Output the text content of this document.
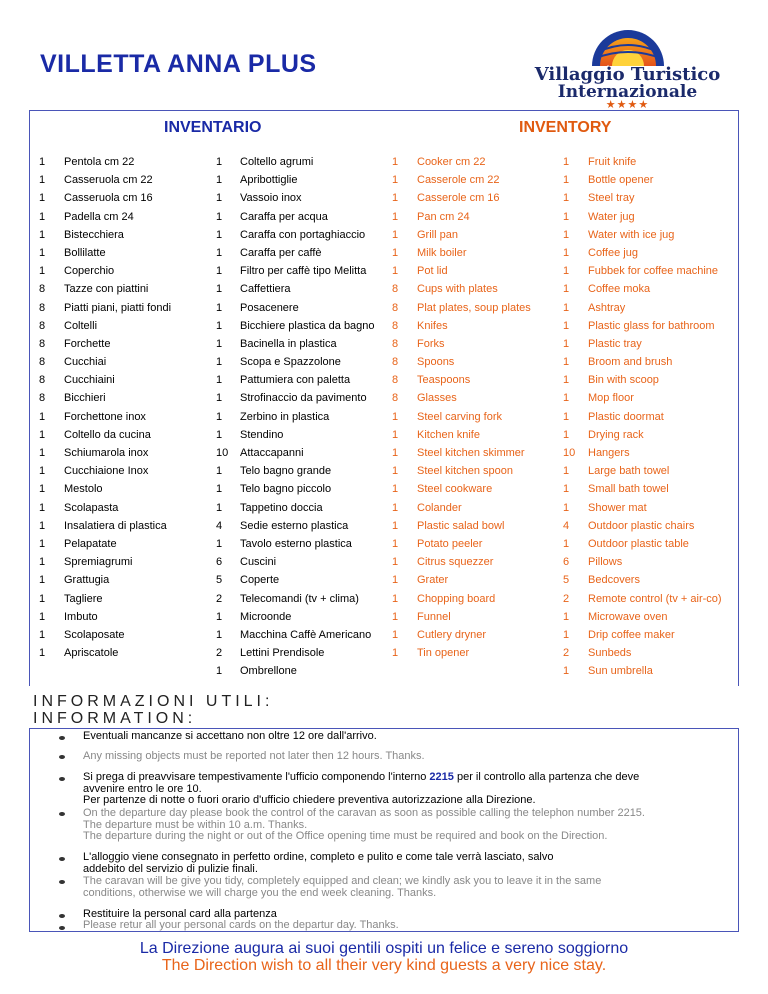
VILLETTA ANNA PLUS	Villaggio Turistico
Internazionale
★★★★
INVENTARIO	INVENTORY
1	Pentola cm 22
1	Casseruola cm 22
1	Casseruola cm 16
1	Padella cm 24
1	Bistecchiera
1	Bollilatte
1	Coperchio
8	Tazze con piattini
8	Piatti piani, piatti fondi
8	Coltelli
8	Forchette
8	Cucchiai
8	Cucchiaini
8	Bicchieri
1	Forchettone inox
1	Coltello da cucina
1	Schiumarola inox
1	Cucchiaione Inox
1	Mestolo
1	Scolapasta
1	Insalatiera di plastica
1	Pelapatate
1	Spremiagrumi
1	Grattugia
1	Tagliere
1	Imbuto
1	Scolaposate
1	Apriscatole
1	Coltello agrumi
1	Apribottiglie
1	Vassoio inox
1	Caraffa per acqua
1	Caraffa con portaghiaccio
1	Caraffa per caffè
1	Filtro per caffè tipo Melitta
1	Caffettiera
1	Posacenere
1	Bicchiere plastica da bagno
1	Bacinella in plastica
1	Scopa e Spazzolone
1	Pattumiera con paletta
1	Strofinaccio da pavimento
1	Zerbino in plastica
1	Stendino
10 Attaccapanni
1	Telo bagno grande
1	Telo bagno piccolo
1	Tappetino doccia
4	Sedie esterno plastica
1	Tavolo esterno plastica
6	Cuscini
5	Coperte
2	Telecomandi (tv + clima)
1	Microonde
1	Macchina Caffè Americano
2	Lettini Prendisole
1	Ombrellone
1	Cooker cm 22
1	Casserole cm 22
1	Casserole cm 16
1	Pan cm 24
1	Grill pan
1	Milk boiler
1	Pot lid
8	Cups with plates
8	Plat plates, soup plates
8	Knifes
8	Forks
8	Spoons
8	Teaspoons
8	Glasses
1	Steel carving fork
1	Kitchen knife
1	Steel kitchen skimmer
1	Steel kitchen spoon
1	Steel cookware
1	Colander
1	Plastic salad bowl
1	Potato peeler
1	Citrus squezzer
1	Grater
1	Chopping board
1	Funnel
1	Cutlery dryner
1	Tin opener
1	Fruit knife
1	Bottle opener
1	Steel tray
1	Water jug
1	Water with ice jug
1	Coffee jug
1	Fubbek for coffee machine
1	Coffee moka
1	Ashtray
1	Plastic glass for bathroom
1	Plastic tray
1	Broom and brush
1	Bin with scoop
1	Mop floor
1	Plastic doormat
1	Drying rack
10 Hangers
1	Large bath towel
1	Small bath towel
1	Shower mat
4	Outdoor plastic chairs
1	Outdoor plastic table
6	Pillows
5	Bedcovers
2	Remote control (tv + air-co)
1	Microwave oven
1	Drip coffee maker
2	Sunbeds
1	Sun umbrella
INFORMAZIONI UTILI:
INFORMATION:
Eventuali mancanze si accettano non oltre 12 ore dall'arrivo.
Any missing objects must be reported not later then 12 hours. Thanks.
Si prega di preavvisare tempestivamente l'ufficio componendo l'interno 2215 per il controllo alla partenza che deve
avvenire entro le ore 10.
Per partenze di notte o fuori orario d'ufficio chiedere preventiva autorizzazione alla Direzione.
On the departure day please book the control of the caravan as soon as possible calling the telephon number 2215.
The departure must be within 10 a.m. Thanks.
The departure during the night or out of the Office opening time must be required and book on the Direction.
L'alloggio viene consegnato in perfetto ordine, completo e pulito e come tale verrà lasciato, salvo
addebito del servizio di pulizie finali.
The caravan will be give you tidy, completely equipped and clean; we kindly ask you to leave it in the same
conditions, otherwise we will charge you the end week cleaning. Thanks.
Restituire la personal card alla partenza
Please retur all your personal cards on the departur day. Thanks.
La Direzione augura ai suoi gentili ospiti un felice e sereno soggiorno
The Direction wish to all their very kind guests a very nice stay.
